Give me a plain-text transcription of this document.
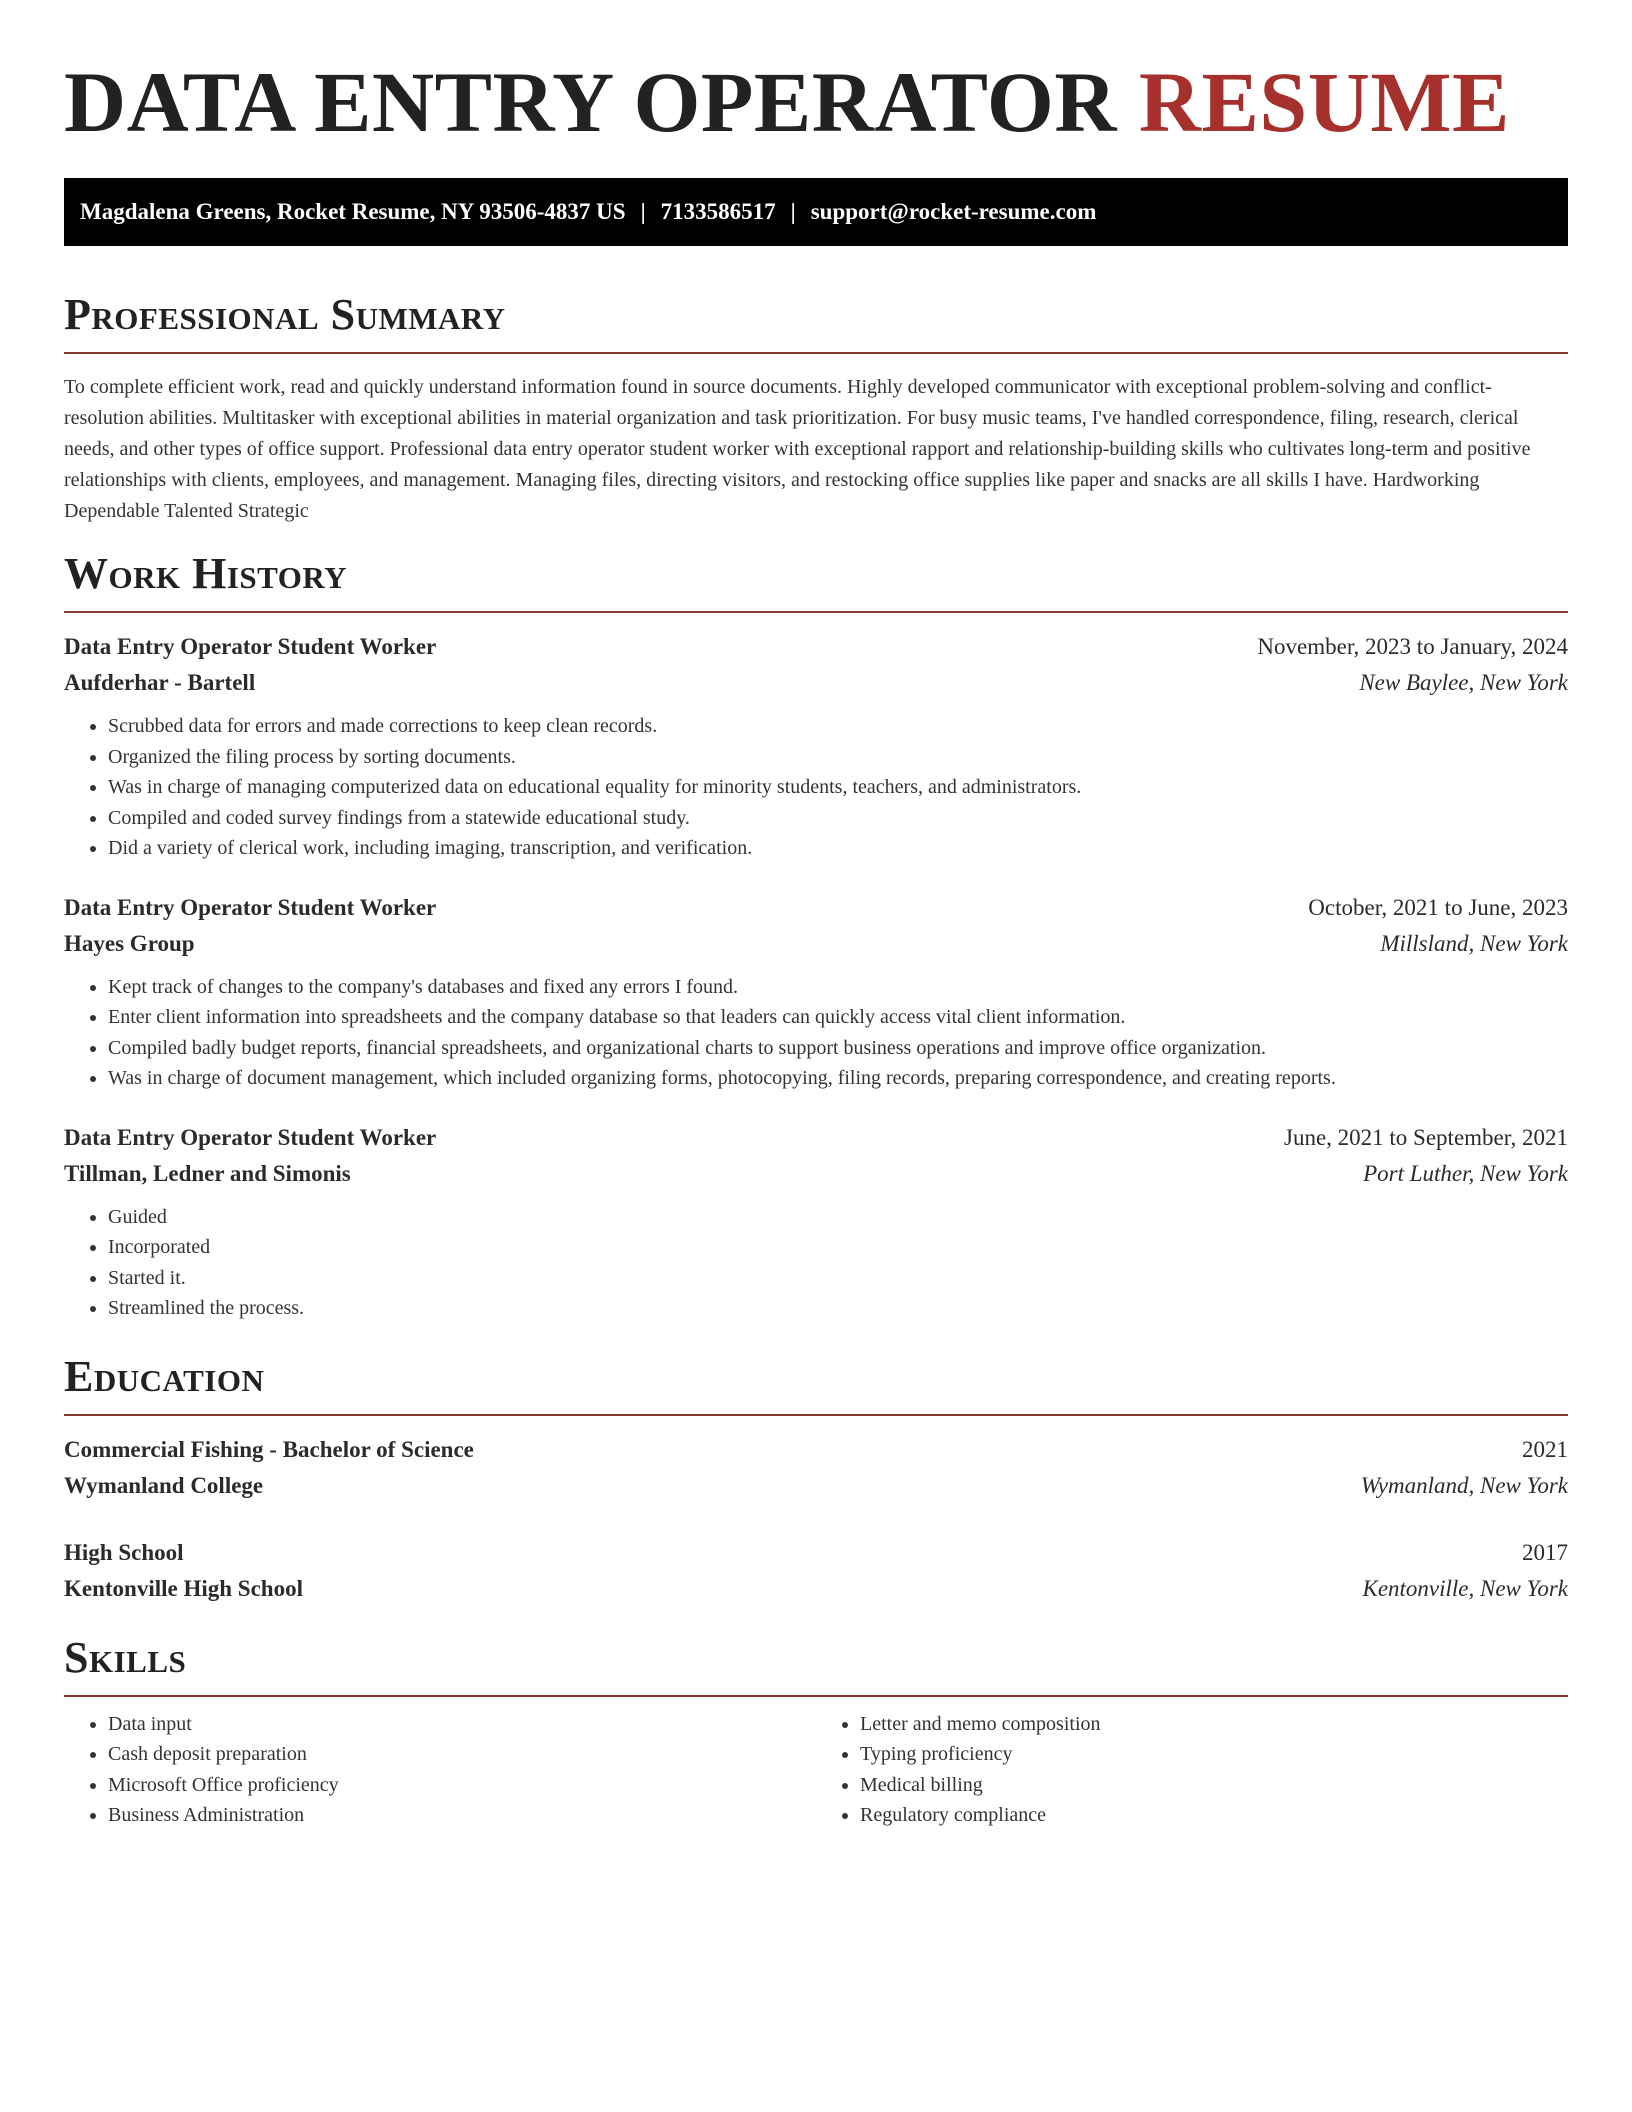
DATA ENTRY OPERATOR RESUME
Magdalena Greens, Rocket Resume, NY 93506-4837 US | 7133586517 | support@rocket-resume.com
Professional Summary

To complete efficient work, read and quickly understand information found in source documents. Highly developed communicator with exceptional problem-solving and conflict-resolution abilities. Multitasker with exceptional abilities in material organization and task prioritization. For busy music teams, I've handled correspondence, filing, research, clerical needs, and other types of office support. Professional data entry operator student worker with exceptional rapport and relationship-building skills who cultivates long-term and positive relationships with clients, employees, and management. Managing files, directing visitors, and restocking office supplies like paper and snacks are all skills I have. Hardworking Dependable Talented Strategic

Work History
Data Entry Operator Student Worker	November, 2023 to January, 2024
Aufderhar - Bartell	New Baylee, New York
• Scrubbed data for errors and made corrections to keep clean records.
• Organized the filing process by sorting documents.
• Was in charge of managing computerized data on educational equality for minority students, teachers, and administrators.
• Compiled and coded survey findings from a statewide educational study.
• Did a variety of clerical work, including imaging, transcription, and verification.
Data Entry Operator Student Worker	October, 2021 to June, 2023
Hayes Group	Millsland, New York
• Kept track of changes to the company's databases and fixed any errors I found.
• Enter client information into spreadsheets and the company database so that leaders can quickly access vital client information.
• Compiled badly budget reports, financial spreadsheets, and organizational charts to support business operations and improve office organization.
• Was in charge of document management, which included organizing forms, photocopying, filing records, preparing correspondence, and creating reports.
Data Entry Operator Student Worker	June, 2021 to September, 2021
Tillman, Ledner and Simonis	Port Luther, New York
• Guided
• Incorporated
• Started it.
• Streamlined the process.
Education
Commercial Fishing - Bachelor of Science	2021
Wymanland College	Wymanland, New York
High School	2017
Kentonville High School	Kentonville, New York
Skills
• Data input
• Cash deposit preparation
• Microsoft Office proficiency
• Business Administration
• Letter and memo composition
• Typing proficiency
• Medical billing
• Regulatory compliance
